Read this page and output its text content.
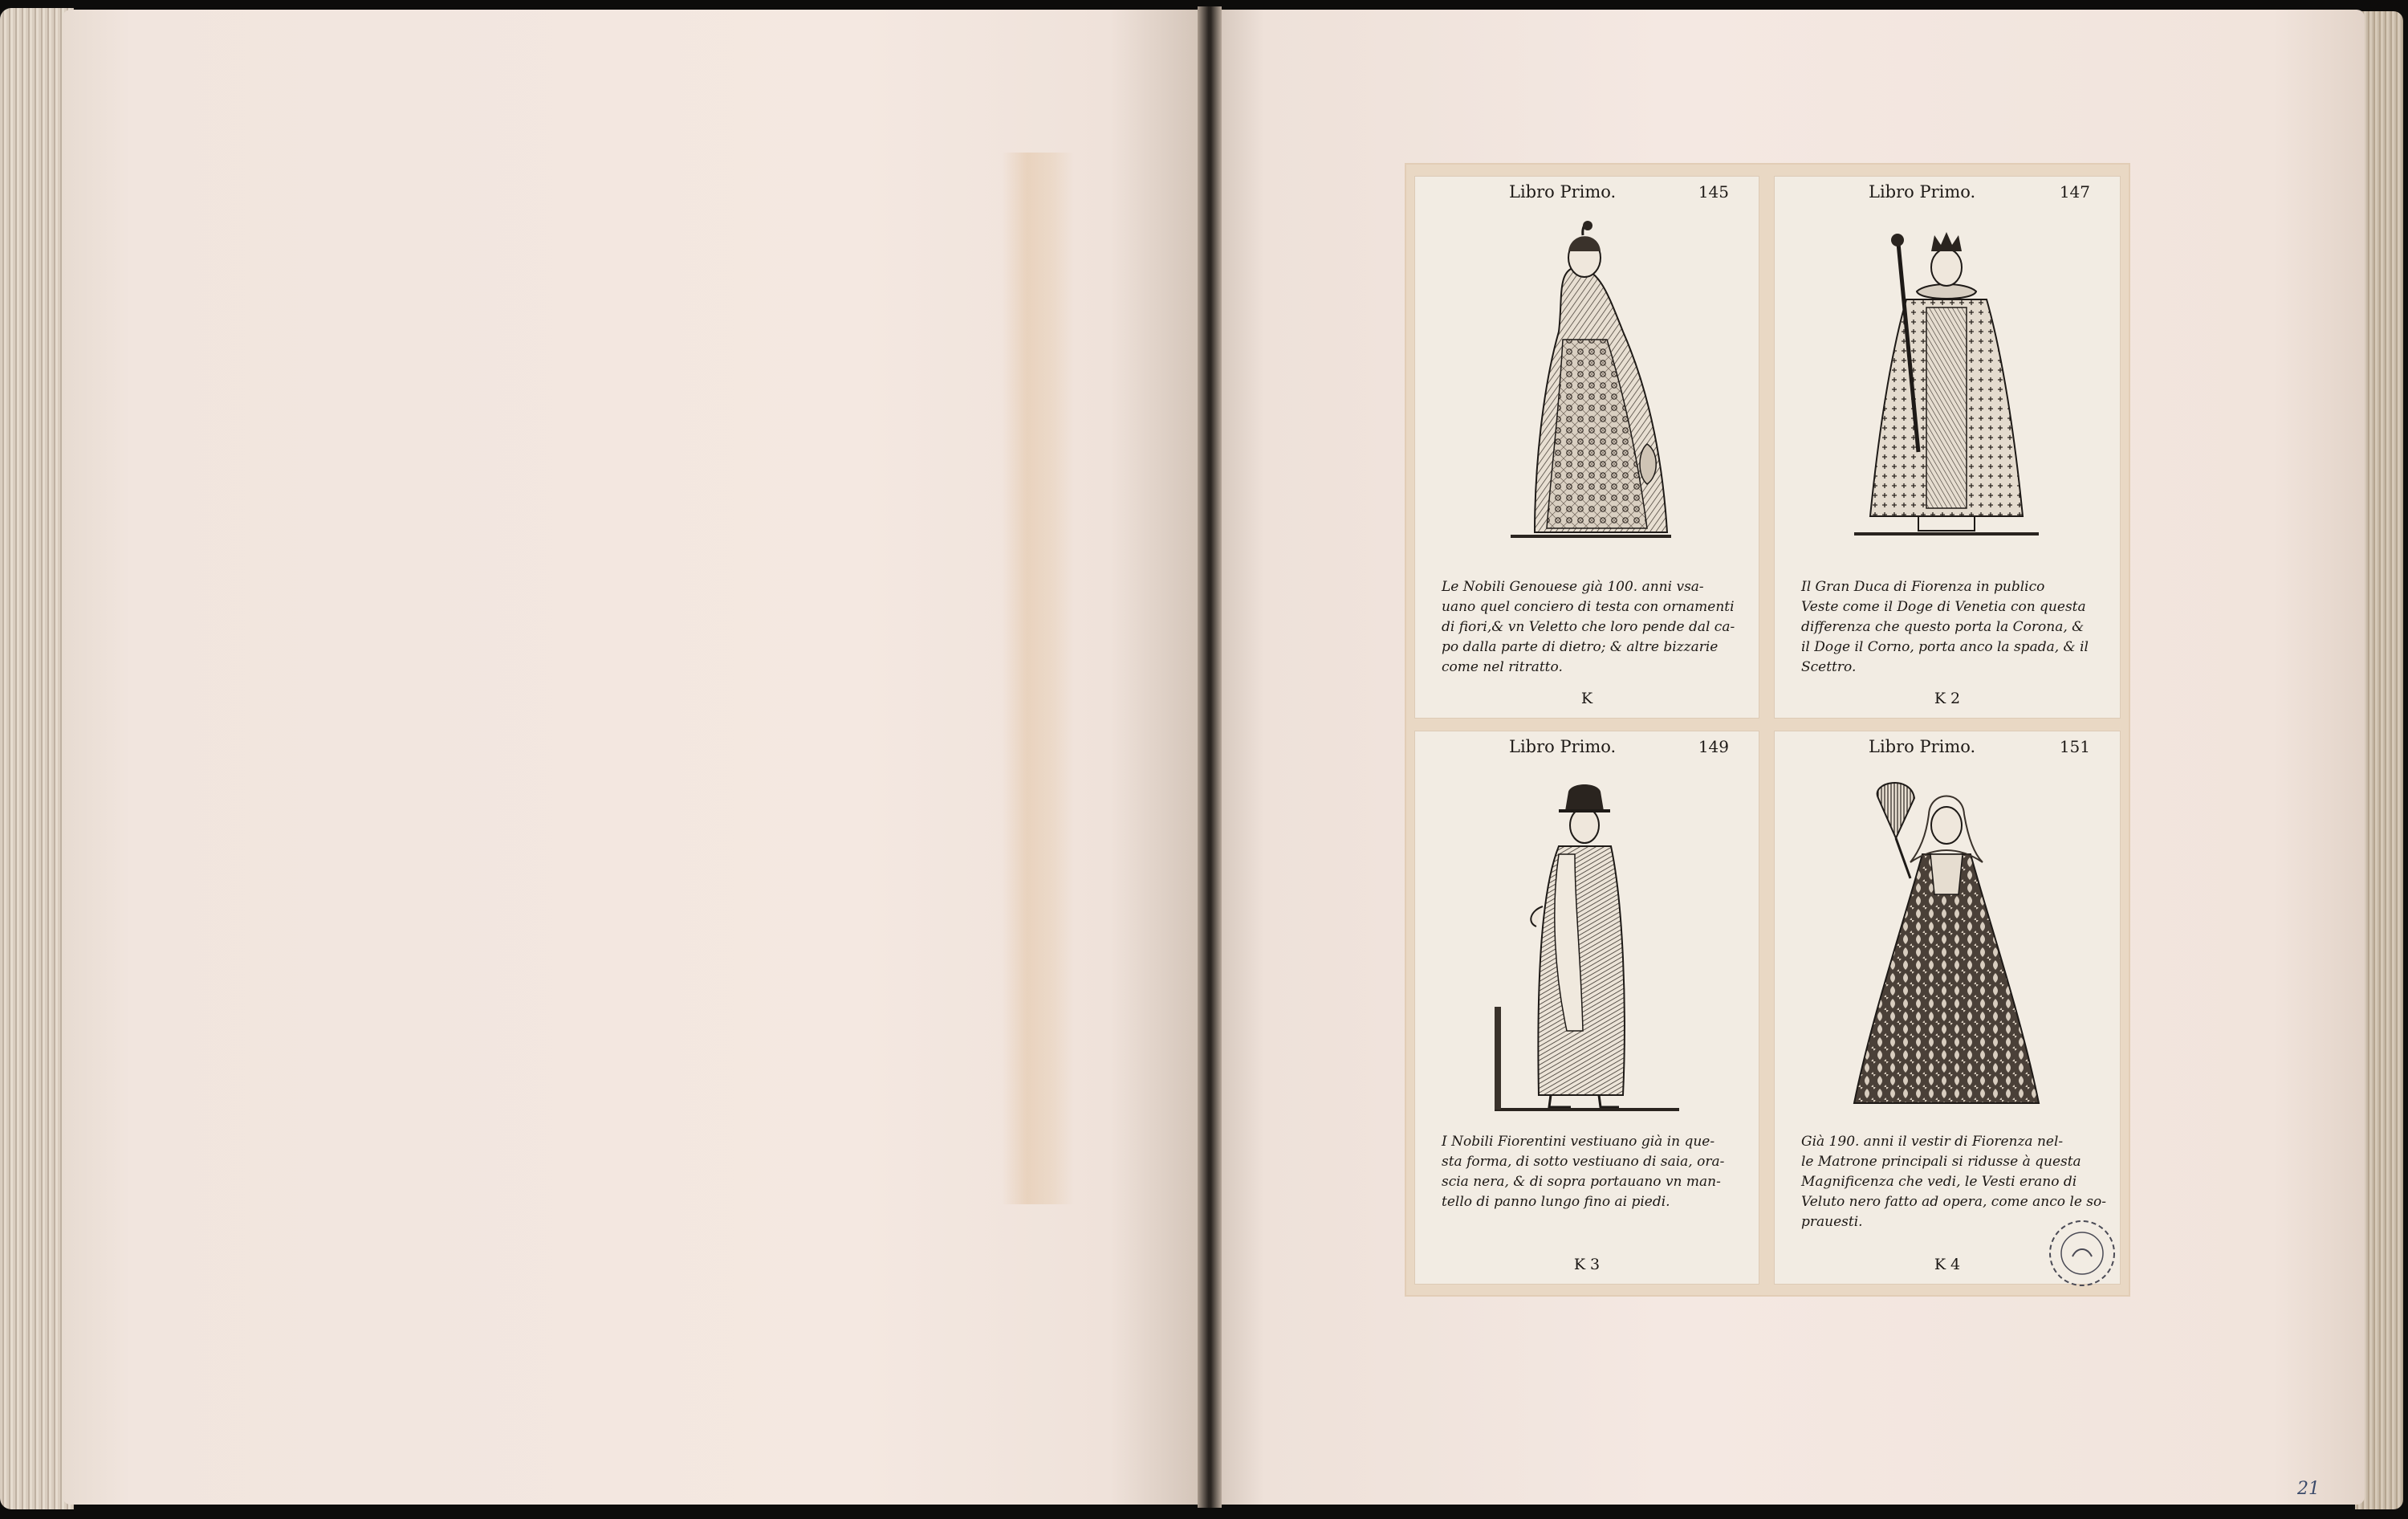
Libro Primo.	145
Le Nobili Genouese già 100. anni vsa-
uano quel conciero di testa con ornamenti
di fiori,& vn Veletto che loro pende dal ca-
po dalla parte di dietro; & altre bizzarie
come nel ritratto.
K
Libro Primo.	147
Il Gran Duca di Fiorenza in publico
Veste come il Doge di Venetia con questa
differenza che questo porta la Corona, &
il Doge il Corno, porta anco la spada, & il
Scettro.
K 2
Libro Primo.	149
I Nobili Fiorentini vestiuano già in que-
sta forma, di sotto vestiuano di saia, ora-
scia nera, & di sopra portauano vn man-
tello di panno lungo fino ai piedi.
K 3
Libro Primo.	151
Già 190. anni il vestir di Fiorenza nel-
le Matrone principali si ridusse à questa
Magnificenza che vedi, le Vesti erano di
Veluto nero fatto ad opera, come anco le so-
prauesti.
K 4
21
